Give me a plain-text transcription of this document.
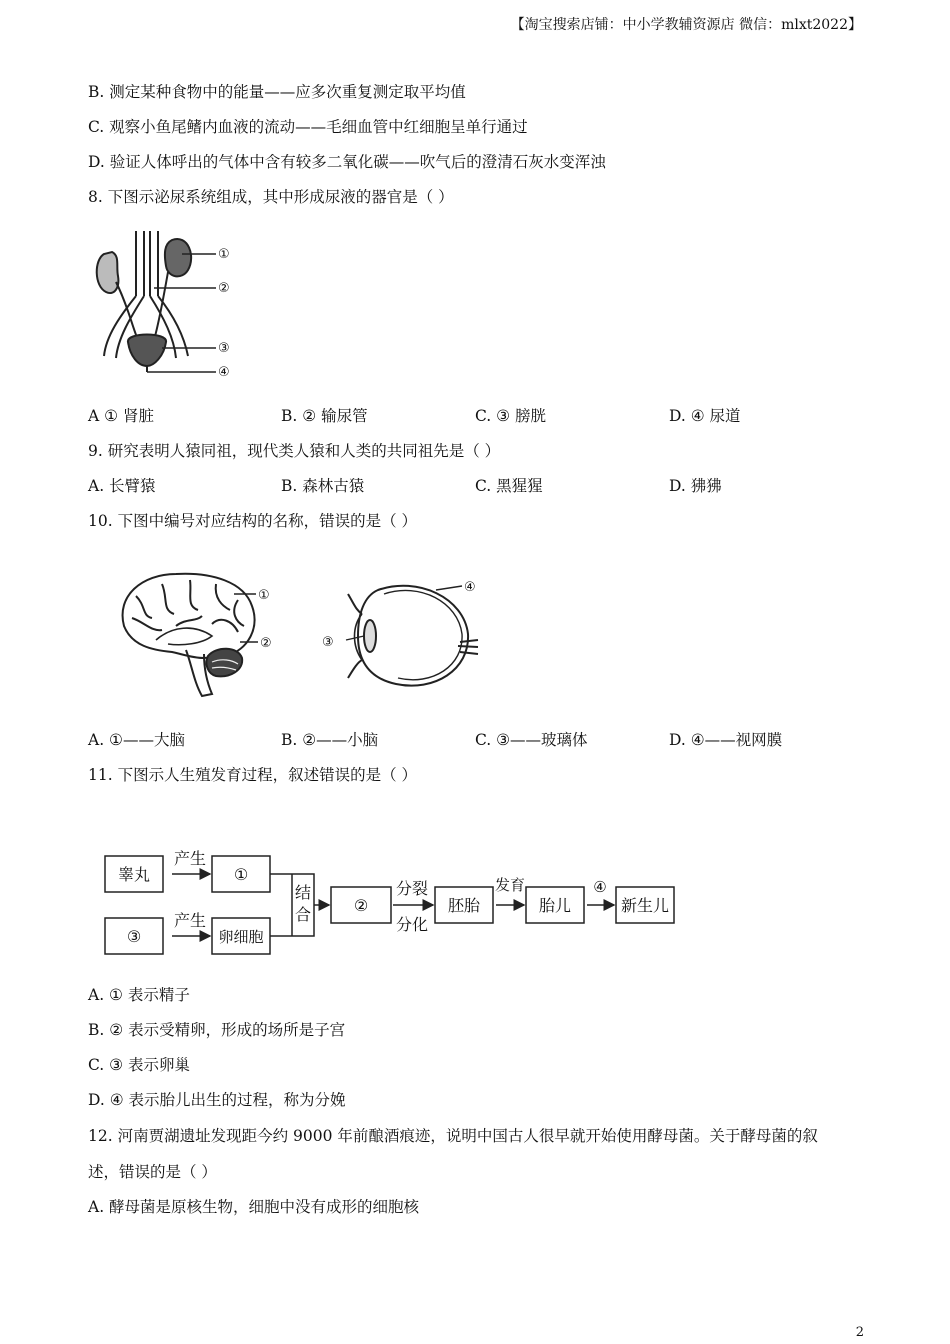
【淘宝搜索店铺：中小学教辅资源店 微信：mlxt2022】
B. 测定某种食物中的能量——应多次重复测定取平均值
C. 观察小鱼尾鳍内血液的流动——毛细血管中红细胞呈单行通过
D. 验证人体呼出的气体中含有较多二氧化碳——吹气后的澄清石灰水变浑浊
8. 下图示泌尿系统组成，其中形成尿液的器官是（ ）
①
②
③
④
A ① 肾脏	B. ② 输尿管	C. ③ 膀胱	D. ④ 尿道
9. 研究表明人猿同祖，现代类人猿和人类的共同祖先是（ ）
A. 长臂猿	B. 森林古猿	C. 黑猩猩	D. 狒狒
10. 下图中编号对应结构的名称，错误的是（ ）
①
②
④
③
A. ①——大脑	B. ②——小脑	C. ③——玻璃体	D. ④——视网膜
11. 下图示人生殖发育过程，叙述错误的是（ ）
睾丸
产生
①
③
产生
卵细胞
结
合	②
分裂
分化
胚胎
发育
胎儿
④
新生儿
A. ① 表示精子
B. ② 表示受精卵，形成的场所是子宫
C. ③ 表示卵巢
D. ④ 表示胎儿出生的过程，称为分娩
12. 河南贾湖遗址发现距今约 9000 年前酿酒痕迹，说明中国古人很早就开始使用酵母菌。关于酵母菌的叙
述，错误的是（ ）
A. 酵母菌是原核生物，细胞中没有成形的细胞核
2
